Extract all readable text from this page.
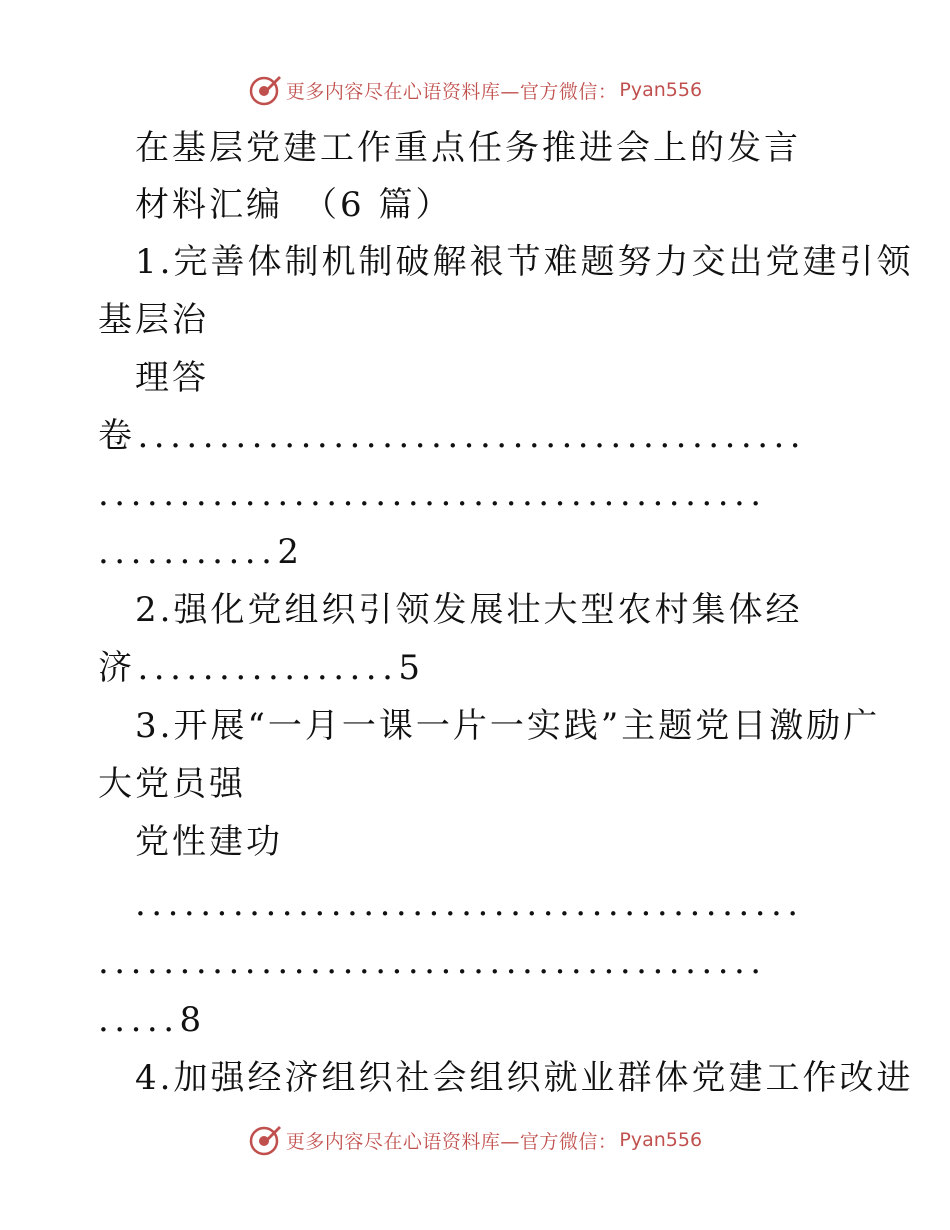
更多内容尽在心语资料库—官方微信： Pyan556
在基层党建工作重点任务推进会上的发言
材料汇编　（6 篇）
1.完善体制机制破解裉节难题努力交出党建引领
基层治
理答
卷.........................................
.........................................
...........2
2.强化党组织引领发展壮大型农村集体经
济................5
3.开展“一月一课一片一实践”主题党日激励广
大党员强
党性建功
.........................................
.........................................
.....8
4.加强经济组织社会组织就业群体党建工作改进
更多内容尽在心语资料库—官方微信： Pyan556
